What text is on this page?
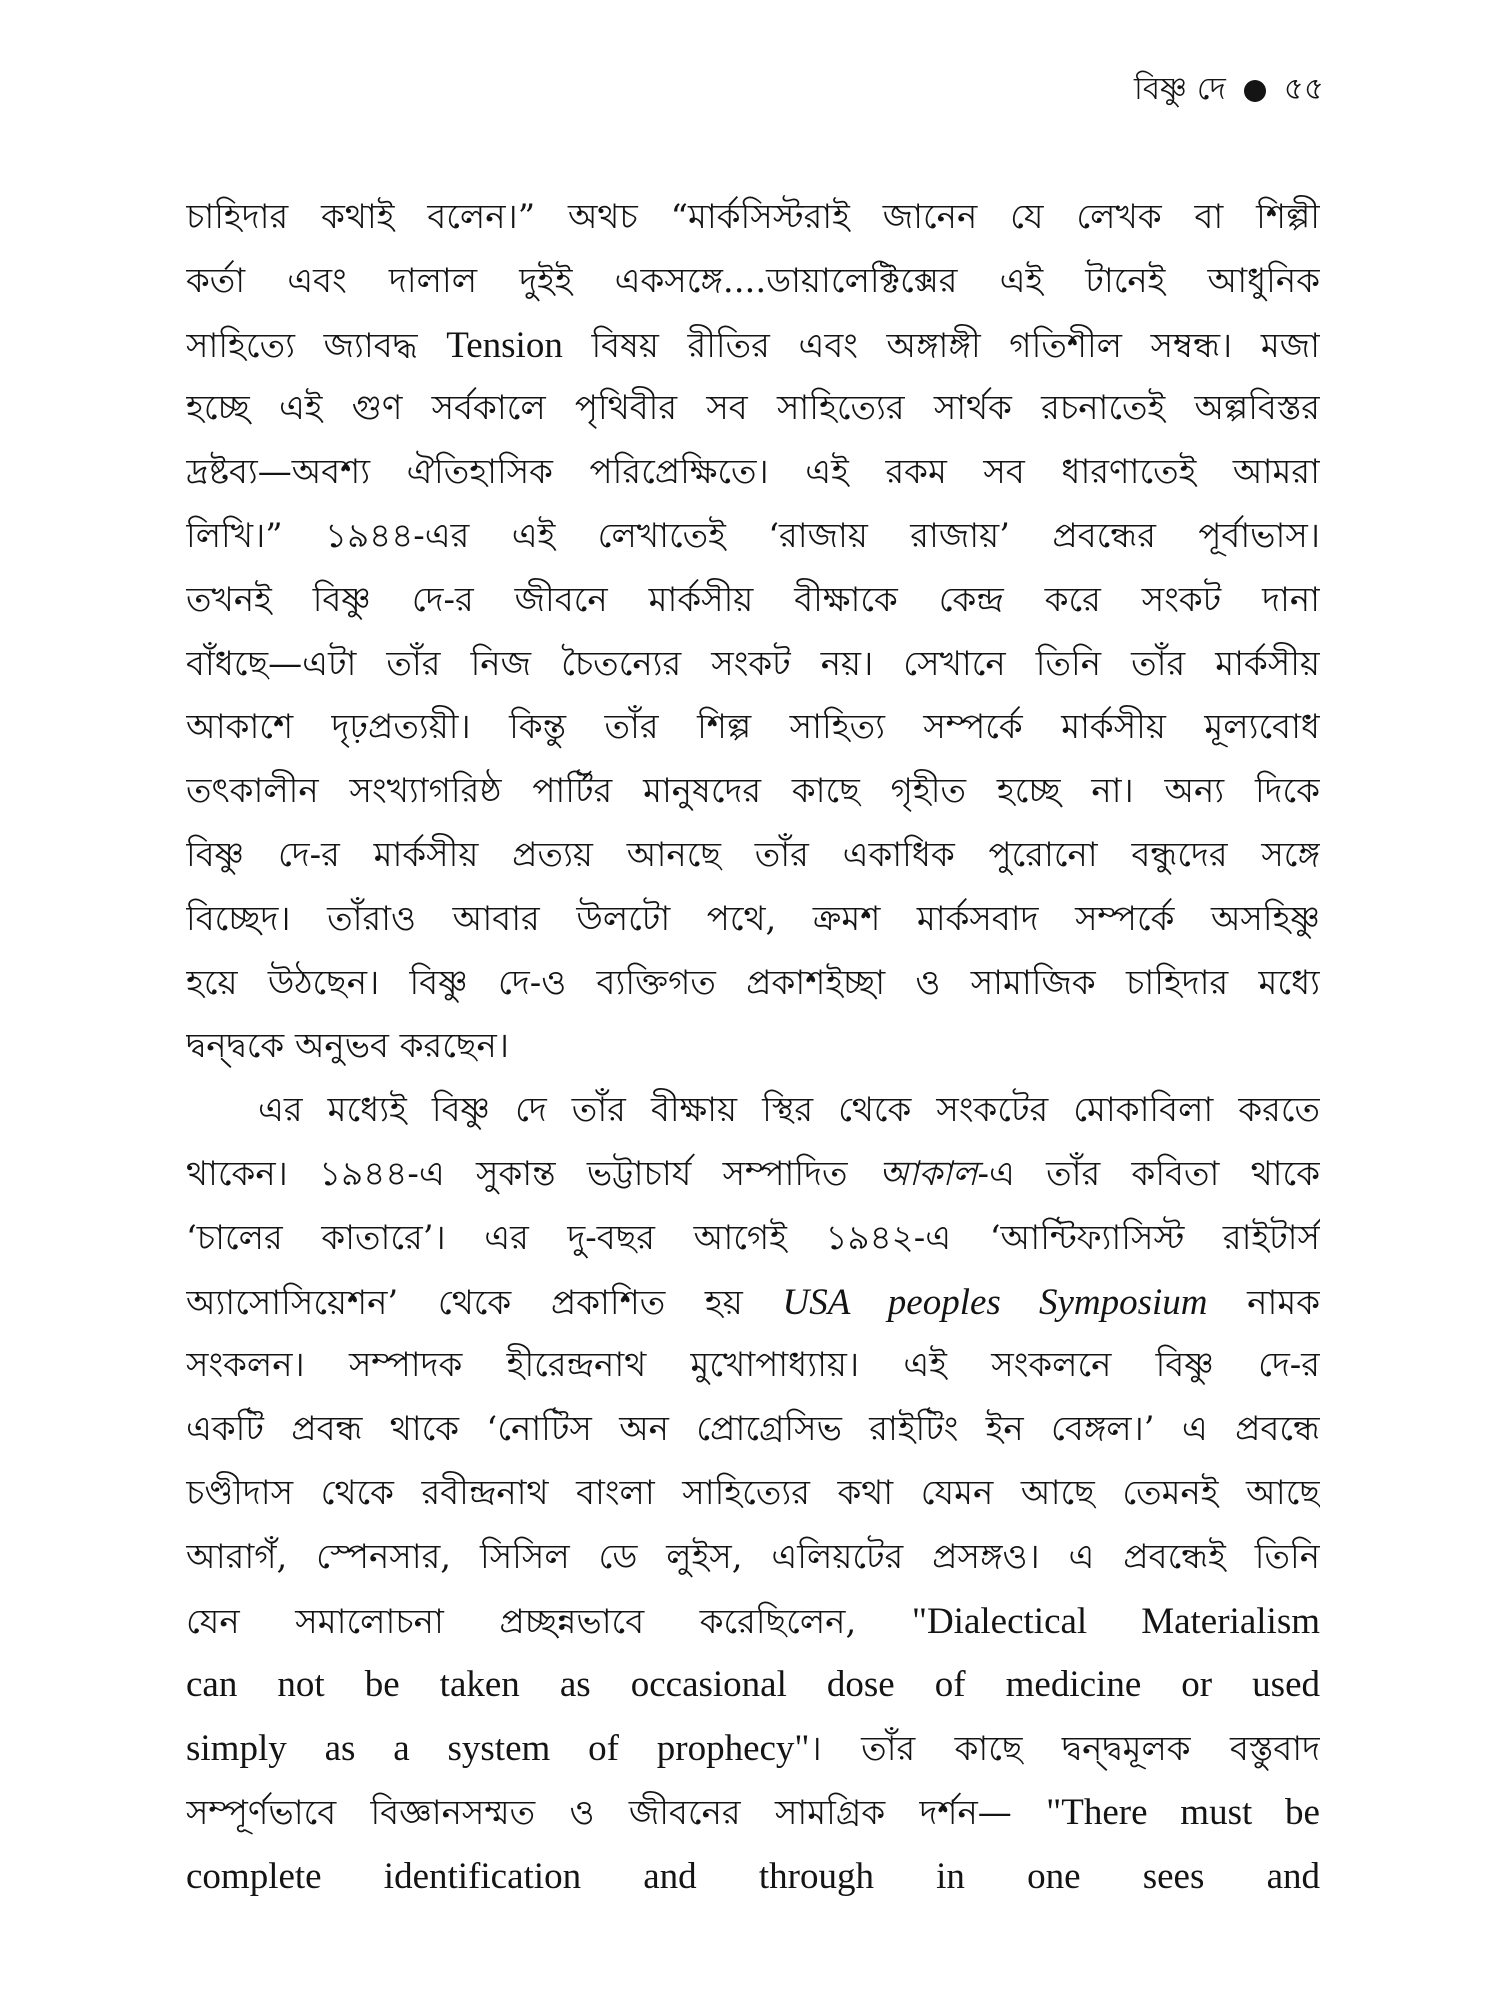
বিষ্ণু দে ৫৫
চাহিদার কথাই বলেন।” অথচ “মার্কসিস্টরাই জানেন যে লেখক বা শিল্পী
কর্তা এবং দালাল দুইই একসঙ্গে....ডায়ালেক্টিক্সের এই টানেই আধুনিক
সাহিত্যে জ্যাবদ্ধ Tension বিষয় রীতির এবং অঙ্গাঙ্গী গতিশীল সম্বন্ধ। মজা
হচ্ছে এই গুণ সর্বকালে পৃথিবীর সব সাহিত্যের সার্থক রচনাতেই অল্পবিস্তর
দ্রষ্টব্য—অবশ্য ঐতিহাসিক পরিপ্রেক্ষিতে। এই রকম সব ধারণাতেই আমরা
লিখি।” ১৯৪৪-এর এই লেখাতেই ‘রাজায় রাজায়’ প্রবন্ধের পূর্বাভাস।
তখনই বিষ্ণু দে-র জীবনে মার্কসীয় বীক্ষাকে কেন্দ্র করে সংকট দানা
বাঁধছে—এটা তাঁর নিজ চৈতন্যের সংকট নয়। সেখানে তিনি তাঁর মার্কসীয়
আকাশে দৃঢ়প্রত্যয়ী। কিন্তু তাঁর শিল্প সাহিত্য সম্পর্কে মার্কসীয় মূল্যবোধ
তৎকালীন সংখ্যাগরিষ্ঠ পার্টির মানুষদের কাছে গৃহীত হচ্ছে না। অন্য দিকে
বিষ্ণু দে-র মার্কসীয় প্রত্যয় আনছে তাঁর একাধিক পুরোনো বন্ধুদের সঙ্গে
বিচ্ছেদ। তাঁরাও আবার উলটো পথে, ক্রমশ মার্কসবাদ সম্পর্কে অসহিষ্ণু
হয়ে উঠছেন। বিষ্ণু দে-ও ব্যক্তিগত প্রকাশইচ্ছা ও সামাজিক চাহিদার মধ্যে
দ্বন্দ্বকে অনুভব করছেন।
এর মধ্যেই বিষ্ণু দে তাঁর বীক্ষায় স্থির থেকে সংকটের মোকাবিলা করতে
থাকেন। ১৯৪৪-এ সুকান্ত ভট্টাচার্য সম্পাদিত আকাল-এ তাঁর কবিতা থাকে
‘চালের কাতারে’। এর দু-বছর আগেই ১৯৪২-এ ‘আন্টিফ্যাসিস্ট রাইটার্স
অ্যাসোসিয়েশন’ থেকে প্রকাশিত হয় USA peoples Symposium নামক
সংকলন। সম্পাদক হীরেন্দ্রনাথ মুখোপাধ্যায়। এই সংকলনে বিষ্ণু দে-র
একটি প্রবন্ধ থাকে ‘নোটিস অন প্রোগ্রেসিভ রাইটিং ইন বেঙ্গল।’ এ প্রবন্ধে
চণ্ডীদাস থেকে রবীন্দ্রনাথ বাংলা সাহিত্যের কথা যেমন আছে তেমনই আছে
আরাগঁ, স্পেনসার, সিসিল ডে লুইস, এলিয়টের প্রসঙ্গও। এ প্রবন্ধেই তিনি
যেন সমালোচনা প্রচ্ছন্নভাবে করেছিলেন, "Dialectical Materialism
can not be taken as occasional dose of medicine or used
simply as a system of prophecy"। তাঁর কাছে দ্বন্দ্বমূলক বস্তুবাদ
সম্পূর্ণভাবে বিজ্ঞানসম্মত ও জীবনের সামগ্রিক দর্শন— "There must be
complete identification and through in one sees and
